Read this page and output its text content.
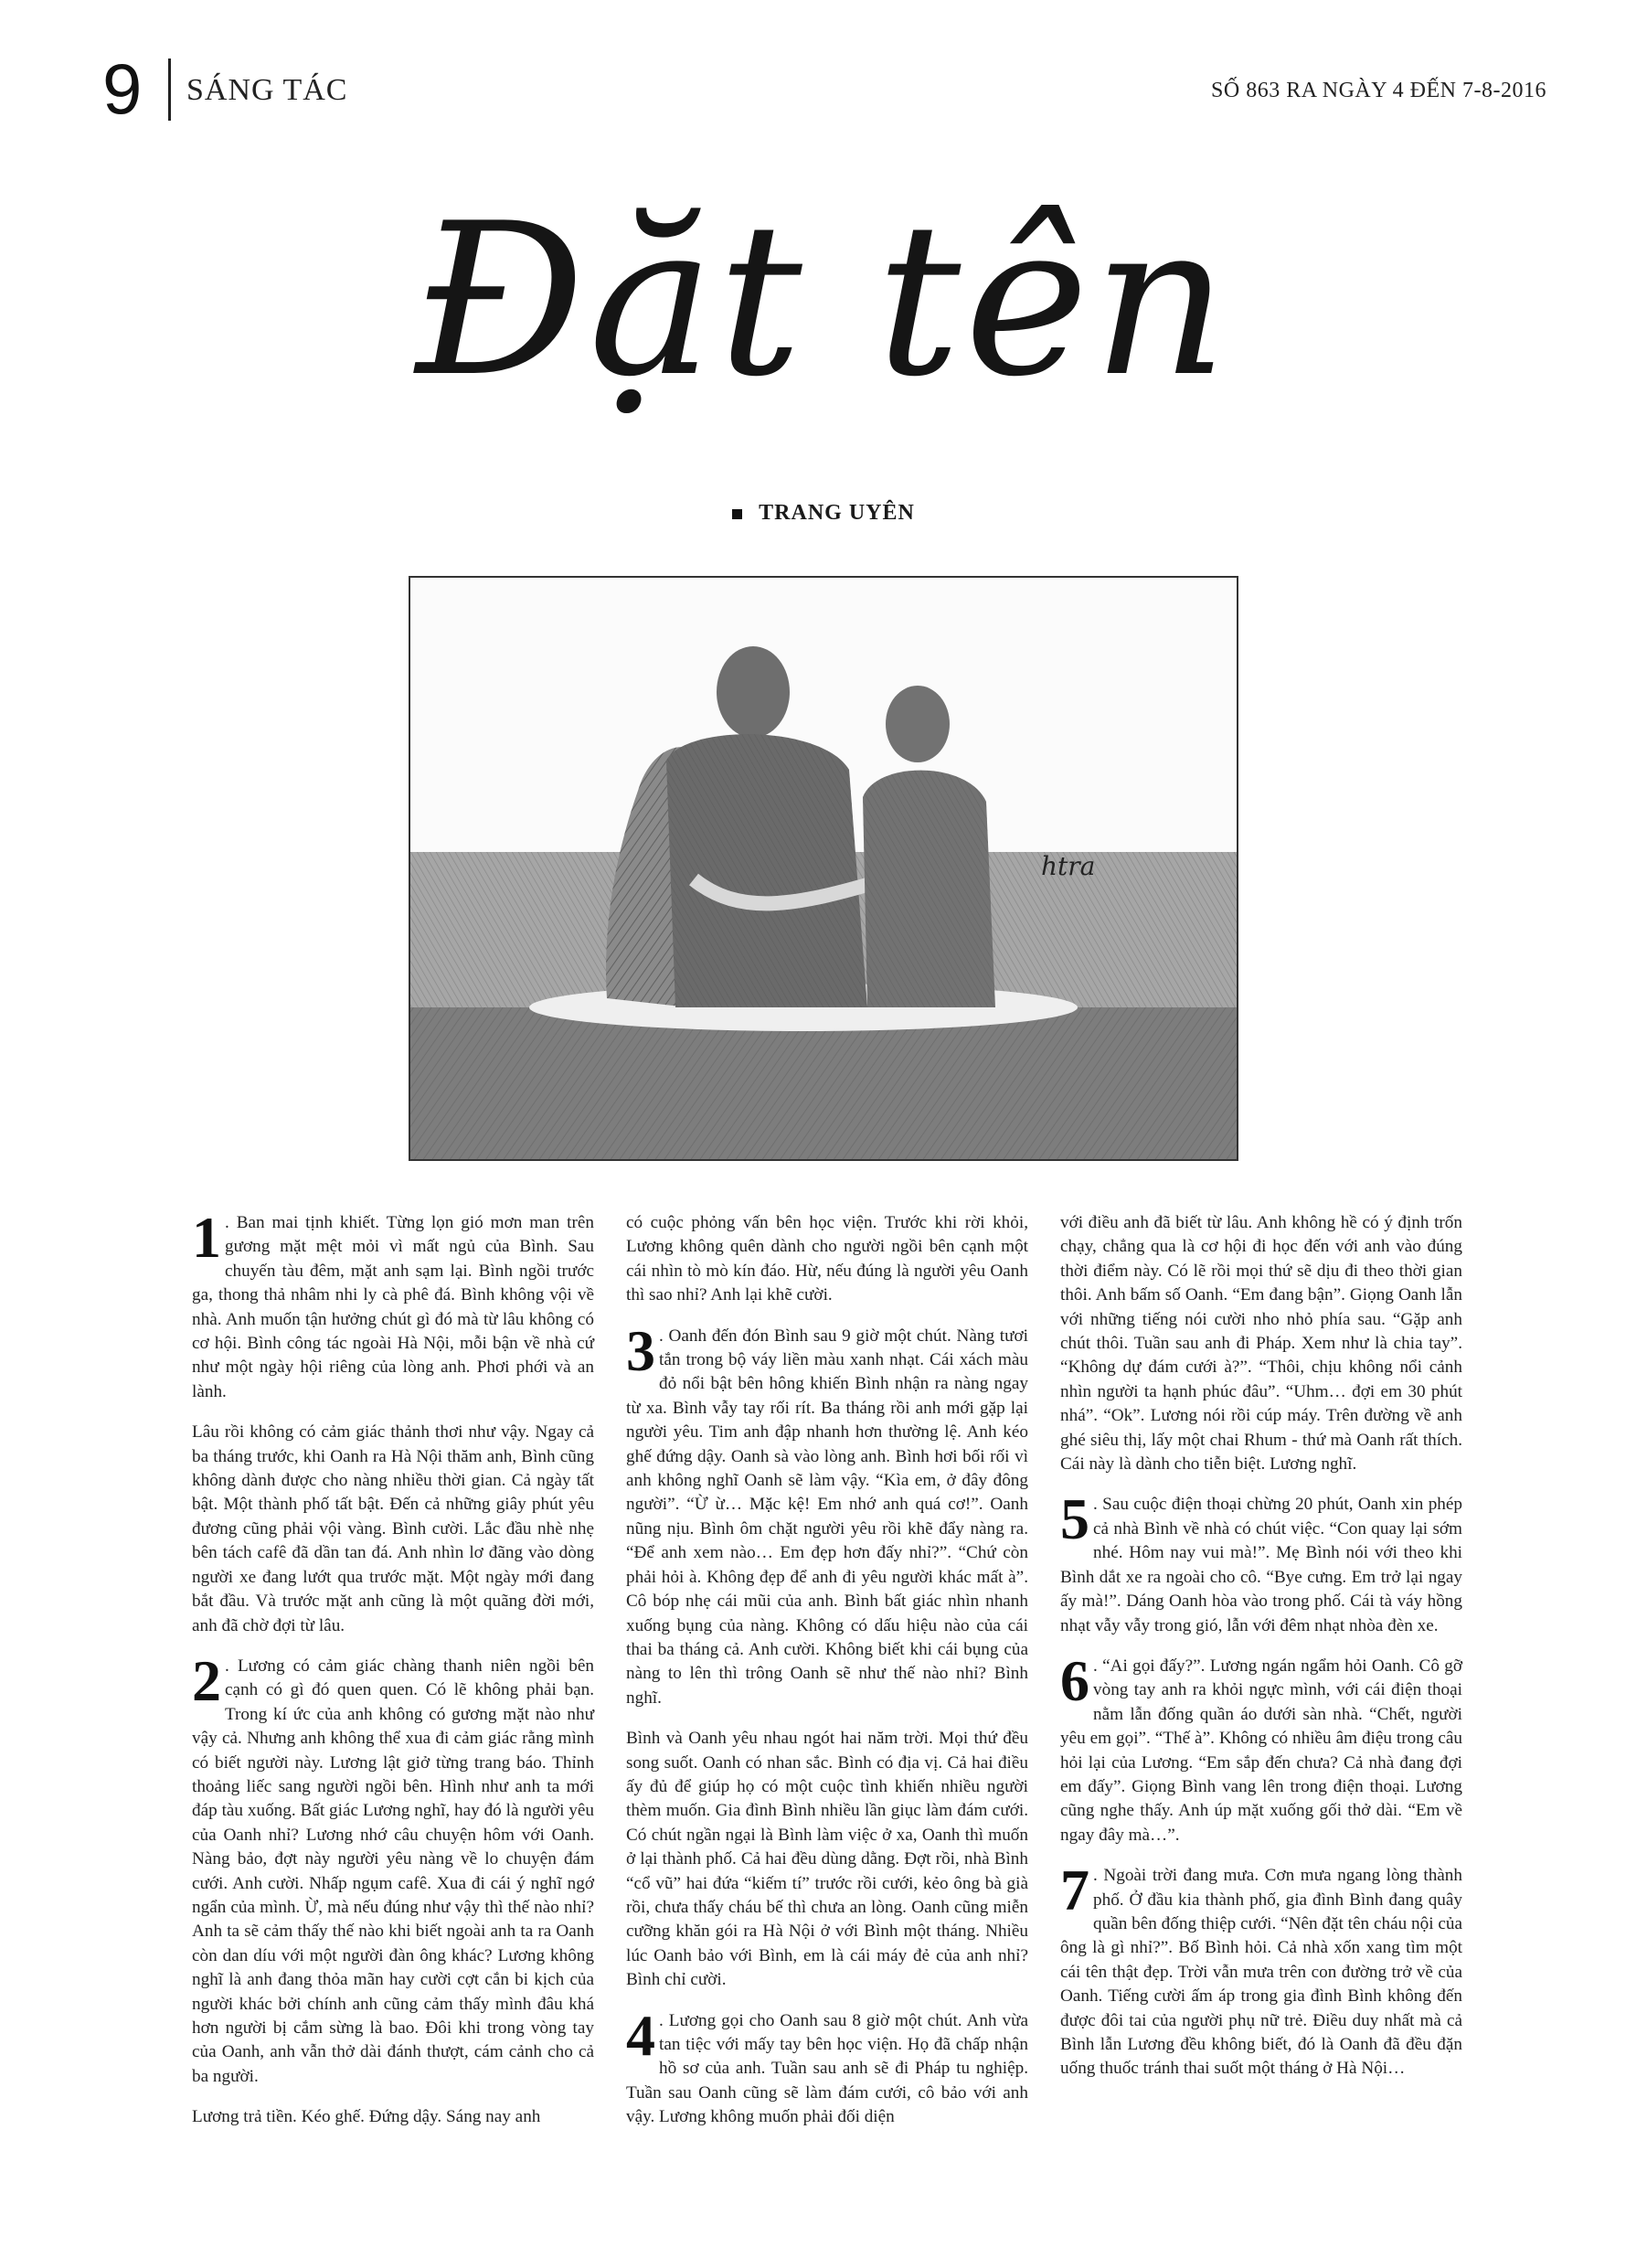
9 SÁNG TÁC	SỐ 863 RA NGÀY 4 ĐẾN 7-8-2016
Đặt tên
TRANG UYÊN
htra

1 . Ban mai tịnh khiết. Từng lọn gió mơn man trên gương mặt mệt mỏi vì mất ngủ của Bình. Sau chuyến tàu đêm, mặt anh sạm lại. Bình ngồi trước ga, thong thả nhâm nhi ly cà phê đá. Bình không vội về nhà. Anh muốn tận hưởng chút gì đó mà từ lâu không có cơ hội. Bình công tác ngoài Hà Nội, mỗi bận về nhà cứ như một ngày hội riêng của lòng anh. Phơi phới và an lành.

Lâu rồi không có cảm giác thảnh thơi như vậy. Ngay cả ba tháng trước, khi Oanh ra Hà Nội thăm anh, Bình cũng không dành được cho nàng nhiều thời gian. Cả ngày tất bật. Một thành phố tất bật. Đến cả những giây phút yêu đương cũng phải vội vàng. Bình cười. Lắc đầu nhè nhẹ bên tách cafê đã dần tan đá. Anh nhìn lơ đãng vào dòng người xe đang lướt qua trước mặt. Một ngày mới đang bắt đầu. Và trước mặt anh cũng là một quãng đời mới, anh đã chờ đợi từ lâu.

2 . Lương có cảm giác chàng thanh niên ngồi bên cạnh có gì đó quen quen. Có lẽ không phải bạn. Trong kí ức của anh không có gương mặt nào như vậy cả. Nhưng anh không thể xua đi cảm giác rằng mình có biết người này. Lương lật giở từng trang báo. Thỉnh thoảng liếc sang người ngồi bên. Hình như anh ta mới đáp tàu xuống. Bất giác Lương nghĩ, hay đó là người yêu của Oanh nhỉ? Lương nhớ câu chuyện hôm với Oanh. Nàng bảo, đợt này người yêu nàng về lo chuyện đám cưới. Anh cười. Nhấp ngụm cafê. Xua đi cái ý nghĩ ngớ ngẩn của mình. Ừ, mà nếu đúng như vậy thì thế nào nhỉ? Anh ta sẽ cảm thấy thế nào khi biết ngoài anh ta ra Oanh còn dan díu với một người đàn ông khác? Lương không nghĩ là anh đang thỏa mãn hay cười cợt cắn bi kịch của người khác bởi chính anh cũng cảm thấy mình đâu khá hơn người bị cắm sừng là bao. Đôi khi trong vòng tay của Oanh, anh vẫn thở dài đánh thượt, cám cảnh cho cả ba người.

Lương trả tiền. Kéo ghế. Đứng dậy. Sáng nay anh

có cuộc phỏng vấn bên học viện. Trước khi rời khỏi, Lương không quên dành cho người ngồi bên cạnh một cái nhìn tò mò kín đáo. Hừ, nếu đúng là người yêu Oanh thì sao nhỉ? Anh lại khẽ cười.

3 . Oanh đến đón Bình sau 9 giờ một chút. Nàng tươi tắn trong bộ váy liền màu xanh nhạt. Cái xách màu đỏ nổi bật bên hông khiến Bình nhận ra nàng ngay từ xa. Bình vẫy tay rối rít. Ba tháng rồi anh mới gặp lại người yêu. Tim anh đập nhanh hơn thường lệ. Anh kéo ghế đứng dậy. Oanh sà vào lòng anh. Bình hơi bối rối vì anh không nghĩ Oanh sẽ làm vậy. “Kìa em, ở đây đông người”. “Ừ ừ… Mặc kệ! Em nhớ anh quá cơ!”. Oanh nũng nịu. Bình ôm chặt người yêu rồi khẽ đẩy nàng ra. “Để anh xem nào… Em đẹp hơn đấy nhỉ?”. “Chứ còn phải hỏi à. Không đẹp để anh đi yêu người khác mất à”. Cô bóp nhẹ cái mũi của anh. Bình bất giác nhìn nhanh xuống bụng của nàng. Không có dấu hiệu nào của cái thai ba tháng cả. Anh cười. Không biết khi cái bụng của nàng to lên thì trông Oanh sẽ như thế nào nhỉ? Bình nghĩ.

Bình và Oanh yêu nhau ngót hai năm trời. Mọi thứ đều song suốt. Oanh có nhan sắc. Bình có địa vị. Cả hai điều ấy đủ để giúp họ có một cuộc tình khiến nhiều người thèm muốn. Gia đình Bình nhiều lần giục làm đám cưới. Có chút ngần ngại là Bình làm việc ở xa, Oanh thì muốn ở lại thành phố. Cả hai đều dùng dằng. Đợt rồi, nhà Bình “cổ vũ” hai đứa “kiếm tí” trước rồi cưới, kẻo ông bà già rồi, chưa thấy cháu bế thì chưa an lòng. Oanh cũng miễn cưỡng khăn gói ra Hà Nội ở với Bình một tháng. Nhiều lúc Oanh bảo với Bình, em là cái máy đẻ của anh nhỉ? Bình chỉ cười.

4 . Lương gọi cho Oanh sau 8 giờ một chút. Anh vừa tan tiệc với mấy tay bên học viện. Họ đã chấp nhận hồ sơ của anh. Tuần sau anh sẽ đi Pháp tu nghiệp. Tuần sau Oanh cũng sẽ làm đám cưới, cô bảo với anh vậy. Lương không muốn phải đối diện

với điều anh đã biết từ lâu. Anh không hề có ý định trốn chạy, chẳng qua là cơ hội đi học đến với anh vào đúng thời điểm này. Có lẽ rồi mọi thứ sẽ dịu đi theo thời gian thôi. Anh bấm số Oanh. “Em đang bận”. Giọng Oanh lẫn với những tiếng nói cười nho nhỏ phía sau. “Gặp anh chút thôi. Tuần sau anh đi Pháp. Xem như là chia tay”. “Không dự đám cưới à?”. “Thôi, chịu không nổi cảnh nhìn người ta hạnh phúc đâu”. “Uhm… đợi em 30 phút nhá”. “Ok”. Lương nói rồi cúp máy. Trên đường về anh ghé siêu thị, lấy một chai Rhum - thứ mà Oanh rất thích. Cái này là dành cho tiễn biệt. Lương nghĩ.

5 . Sau cuộc điện thoại chừng 20 phút, Oanh xin phép cả nhà Bình về nhà có chút việc. “Con quay lại sớm nhé. Hôm nay vui mà!”. Mẹ Bình nói với theo khi Bình dắt xe ra ngoài cho cô. “Bye cưng. Em trở lại ngay ấy mà!”. Dáng Oanh hòa vào trong phố. Cái tà váy hồng nhạt vẫy vẫy trong gió, lẫn với đêm nhạt nhòa đèn xe.

6 . “Ai gọi đấy?”. Lương ngán ngẩm hỏi Oanh. Cô gỡ vòng tay anh ra khỏi ngực mình, với cái điện thoại nằm lẫn đống quần áo dưới sàn nhà. “Chết, người yêu em gọi”. “Thế à”. Không có nhiều âm điệu trong câu hỏi lại của Lương. “Em sắp đến chưa? Cả nhà đang đợi em đấy”. Giọng Bình vang lên trong điện thoại. Lương cũng nghe thấy. Anh úp mặt xuống gối thở dài. “Em về ngay đây mà…”.

7 . Ngoài trời đang mưa. Cơn mưa ngang lòng thành phố. Ở đầu kia thành phố, gia đình Bình đang quây quần bên đống thiệp cưới. “Nên đặt tên cháu nội của ông là gì nhỉ?”. Bố Bình hỏi. Cả nhà xốn xang tìm một cái tên thật đẹp. Trời vẫn mưa trên con đường trở về của Oanh. Tiếng cười ấm áp trong gia đình Bình không đến được đôi tai của người phụ nữ trẻ. Điều duy nhất mà cả Bình lẫn Lương đều không biết, đó là Oanh đã đều đặn uống thuốc tránh thai suốt một tháng ở Hà Nội…
